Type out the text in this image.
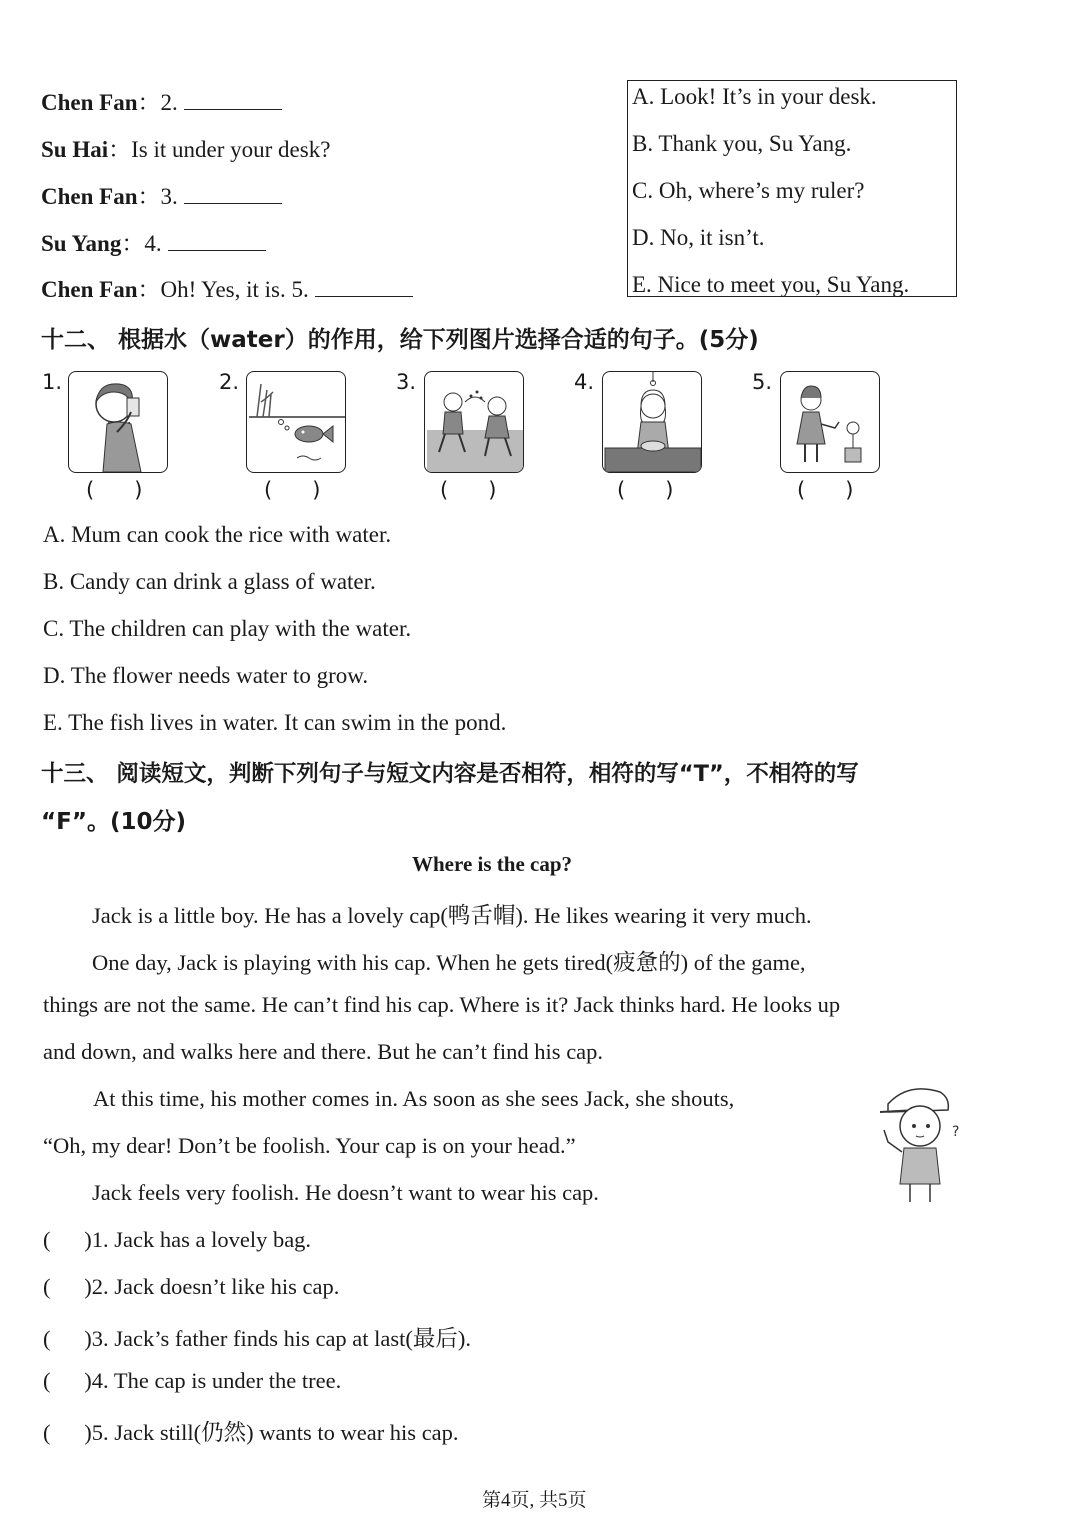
Chen Fan：2.
Su Hai：Is it under your desk?
Chen Fan：3.
Su Yang：4.
Chen Fan：Oh! Yes, it is. 5.
A. Look! It’s in your desk.
B. Thank you, Su Yang.
C. Oh, where’s my ruler?
D. No, it isn’t.
E. Nice to meet you, Su Yang.
十二、 根据水（water）的作用，给下列图片选择合适的句子。(5分)
1.	2.	3.	4.	5.
(      )	(      )	(      )	(      )	(      )
A. Mum can cook the rice with water.
B. Candy can drink a glass of water.
C. The children can play with the water.
D. The flower needs water to grow.
E. The fish lives in water. It can swim in the pond.
十三、 阅读短文，判断下列句子与短文内容是否相符，相符的写“T”，不相符的写
“F”。(10分)
Where is the cap?
Jack is a little boy. He has a lovely cap(鸭舌帽). He likes wearing it very much.
One day, Jack is playing with his cap. When he gets tired(疲惫的) of the game,
things are not the same. He can’t find his cap. Where is it? Jack thinks hard. He looks up
and down, and walks here and there. But he can’t find his cap.
At this time, his mother comes in. As soon as she sees Jack, she shouts,
“Oh, my dear! Don’t be foolish. Your cap is on your head.”
Jack feels very foolish. He doesn’t want to wear his cap.
?
(      )1. Jack has a lovely bag.
(      )2. Jack doesn’t like his cap.
(      )3. Jack’s father finds his cap at last(最后).
(      )4. The cap is under the tree.
(      )5. Jack still(仍然) wants to wear his cap.
第4页, 共5页
